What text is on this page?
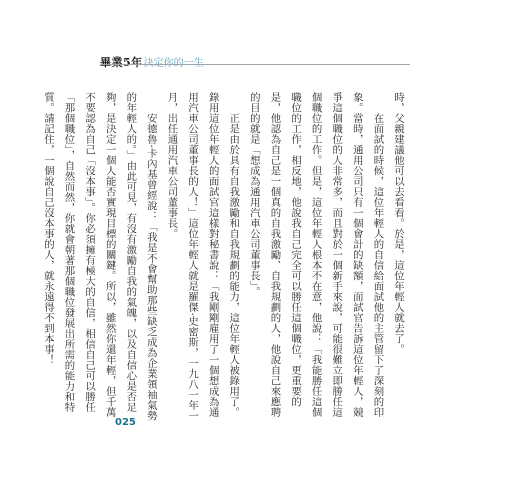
畢業5年決定你的一生

時，父親建議他可以去看看。於是，這位年輕人就去了。

在面試的時候，這位年輕人的自信給面試他的主管留下了深刻的印象。當時，通用公司只有一個會計的缺額，面試官告訴這位年輕人，競爭這個職位的人非常多，而且對於一個新手來說，可能很難立即勝任這個職位的工作。但是，這位年輕人根本不在意，他說：「我能勝任這個職位的工作，相反地，他說我自己完全可以勝任這個職位，更重要的是，他認為自己是一個真的自我激勵、自我規劃的人，他說自己來應聘的目的就是「想成為通用汽車公司董事長」。

正是由於具有自我激勵和自我規劃的能力，這位年輕人被錄用了。錄用這位年輕人的面試官這樣對秘書說：「我剛剛雇用了一個想成為通用汽車公司董事長的人！」這位年輕人就是羅傑·史密斯，一九八一年一月，出任通用汽車公司董事長。

安德魯·卡內基曾經說：「我是不會幫助那些缺乏成為企業領袖氣勢的年輕人的。」由此可見，有沒有激勵自我的氣魄，以及自信心是否足夠，是決定一個人能否實現目標的關鍵。所以，雖然你還年輕，但千萬不要認為自己「沒本事」。你必須擁有極大的自信，相信自己可以勝任「那個職位」，自然而然，你就會朝著那個職位發展出所需的能力和特質。請記住，一個說自己沒本事的人，就永遠得不到本事！

025
